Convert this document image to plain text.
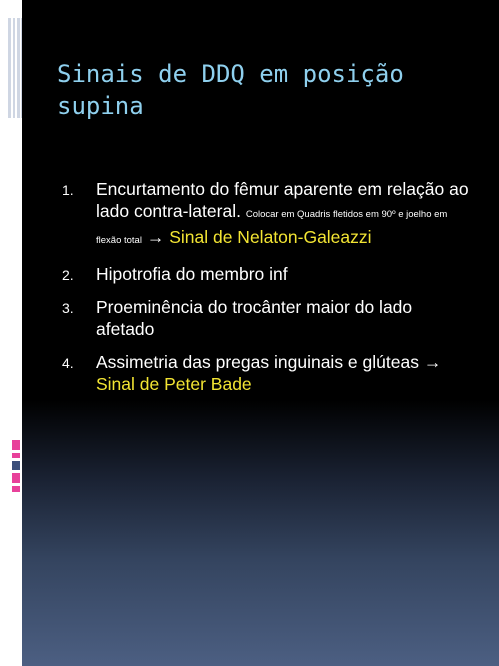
Sinais de DDQ em posição supina
1. Encurtamento do fêmur aparente em relação ao lado contra-lateral. Colocar em Quadris fletidos em 90º e joelho em flexão total → Sinal de Nelaton-Galeazzi
2. Hipotrofia do membro inf
3. Proeminência do trocânter maior do lado afetado
4. Assimetria das pregas inguinais e glúteas → Sinal de Peter Bade
